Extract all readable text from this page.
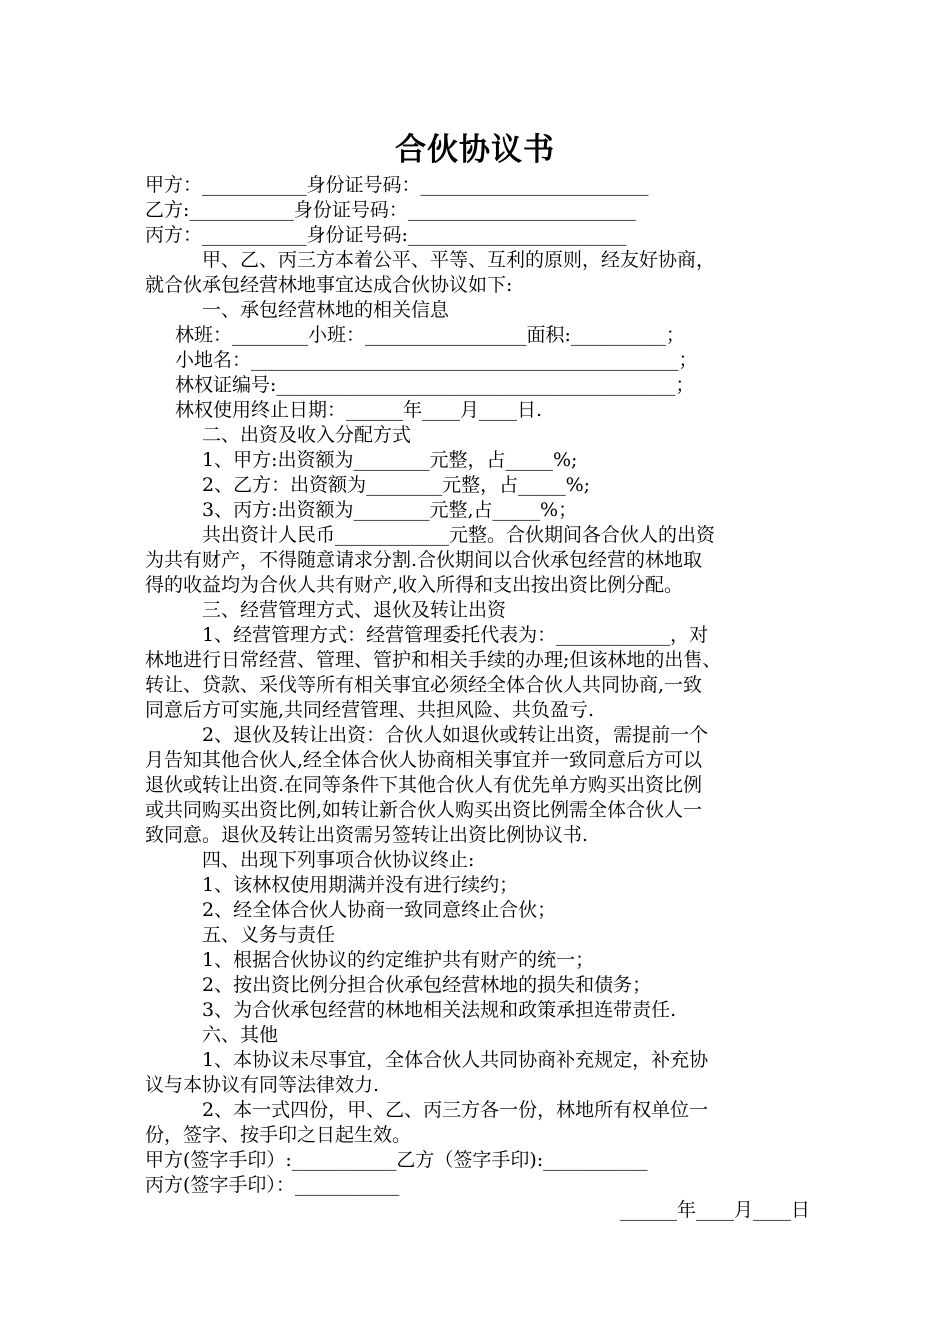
合伙协议书
甲方：___________身份证号码：________________________
乙方:___________身份证号码：________________________
丙方：___________身份证号码:_______________________
甲、乙、丙三方本着公平、平等、互利的原则，经友好协商，
就合伙承包经营林地事宜达成合伙协议如下:
一、承包经营林地的相关信息
林班：________小班：_________________面积:__________；
小地名：_____________________________________________；
林权证编号:__________________________________________；
林权使用终止日期：______年____月____日.
二、出资及收入分配方式
1、甲方:出资额为________元整，占_____%;
2、乙方：出资额为________元整，占_____%;
3、丙方:出资额为________元整,占_____%；
共出资计人民币____________元整。合伙期间各合伙人的出资
为共有财产，不得随意请求分割.合伙期间以合伙承包经营的林地取
得的收益均为合伙人共有财产,收入所得和支出按出资比例分配。
三、经营管理方式、退伙及转让出资
1、经营管理方式：经营管理委托代表为：____________，对
林地进行日常经营、管理、管护和相关手续的办理;但该林地的出售、
转让、贷款、采伐等所有相关事宜必须经全体合伙人共同协商,一致
同意后方可实施,共同经营管理、共担风险、共负盈亏.
2、退伙及转让出资：合伙人如退伙或转让出资，需提前一个
月告知其他合伙人,经全体合伙人协商相关事宜并一致同意后方可以
退伙或转让出资.在同等条件下其他合伙人有优先单方购买出资比例
或共同购买出资比例,如转让新合伙人购买出资比例需全体合伙人一
致同意。退伙及转让出资需另签转让出资比例协议书.
四、出现下列事项合伙协议终止:
1、该林权使用期满并没有进行续约；
2、经全体合伙人协商一致同意终止合伙；
五、义务与责任
1、根据合伙协议的约定维护共有财产的统一；
2、按出资比例分担合伙承包经营林地的损失和债务；
3、为合伙承包经营的林地相关法规和政策承担连带责任.
六、其他
1、本协议未尽事宜，全体合伙人共同协商补充规定，补充协
议与本协议有同等法律效力.
2、本一式四份，甲、乙、丙三方各一份，林地所有权单位一
份，签字、按手印之日起生效。
甲方(签字手印）:___________乙方（签字手印):___________
丙方(签字手印）：___________
______年____月____日
